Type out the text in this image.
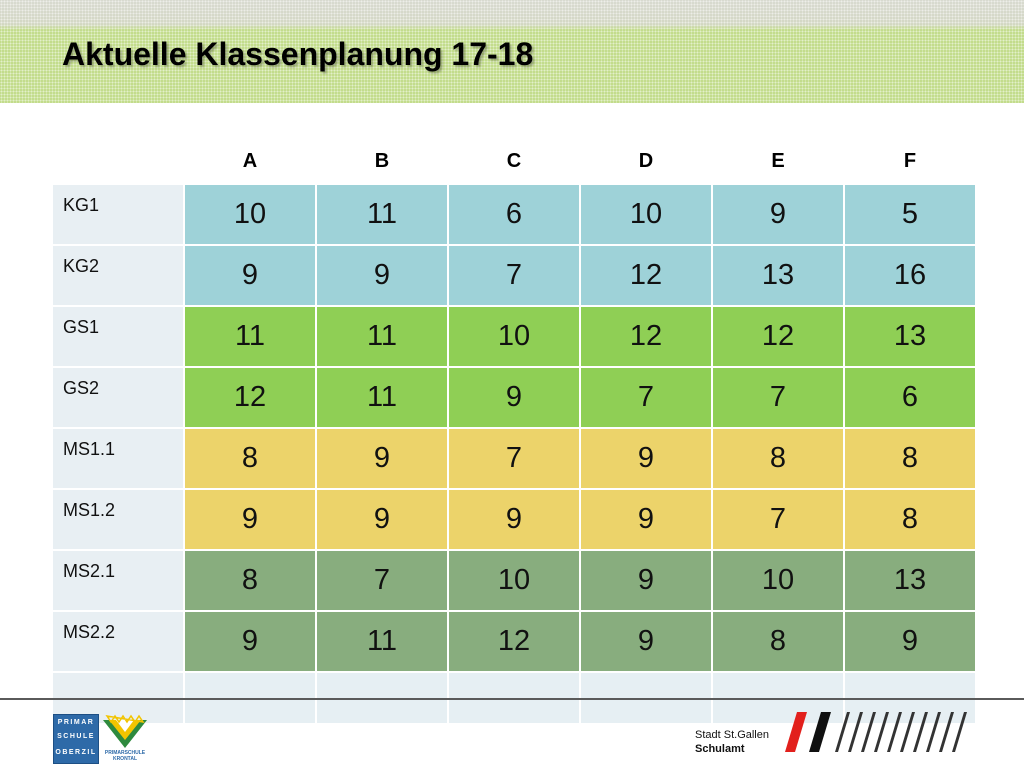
Aktuelle Klassenplanung 17-18
	A	B	C	D	E	F
KG1	10	11	6	10	9	5
KG2	9	9	7	12	13	16
GS1	11	11	10	12	12	13
GS2	12	11	9	7	7	6
MS1.1	8	9	7	9	8	8
MS1.2	9	9	9	9	7	8
MS2.1	8	7	10	9	10	13
MS2.2	9	11	12	9	8	9

PRIMAR
SCHULE
OBERZIL	PRIMARSCHULE
KRONTAL
Stadt St.Gallen
Schulamt
